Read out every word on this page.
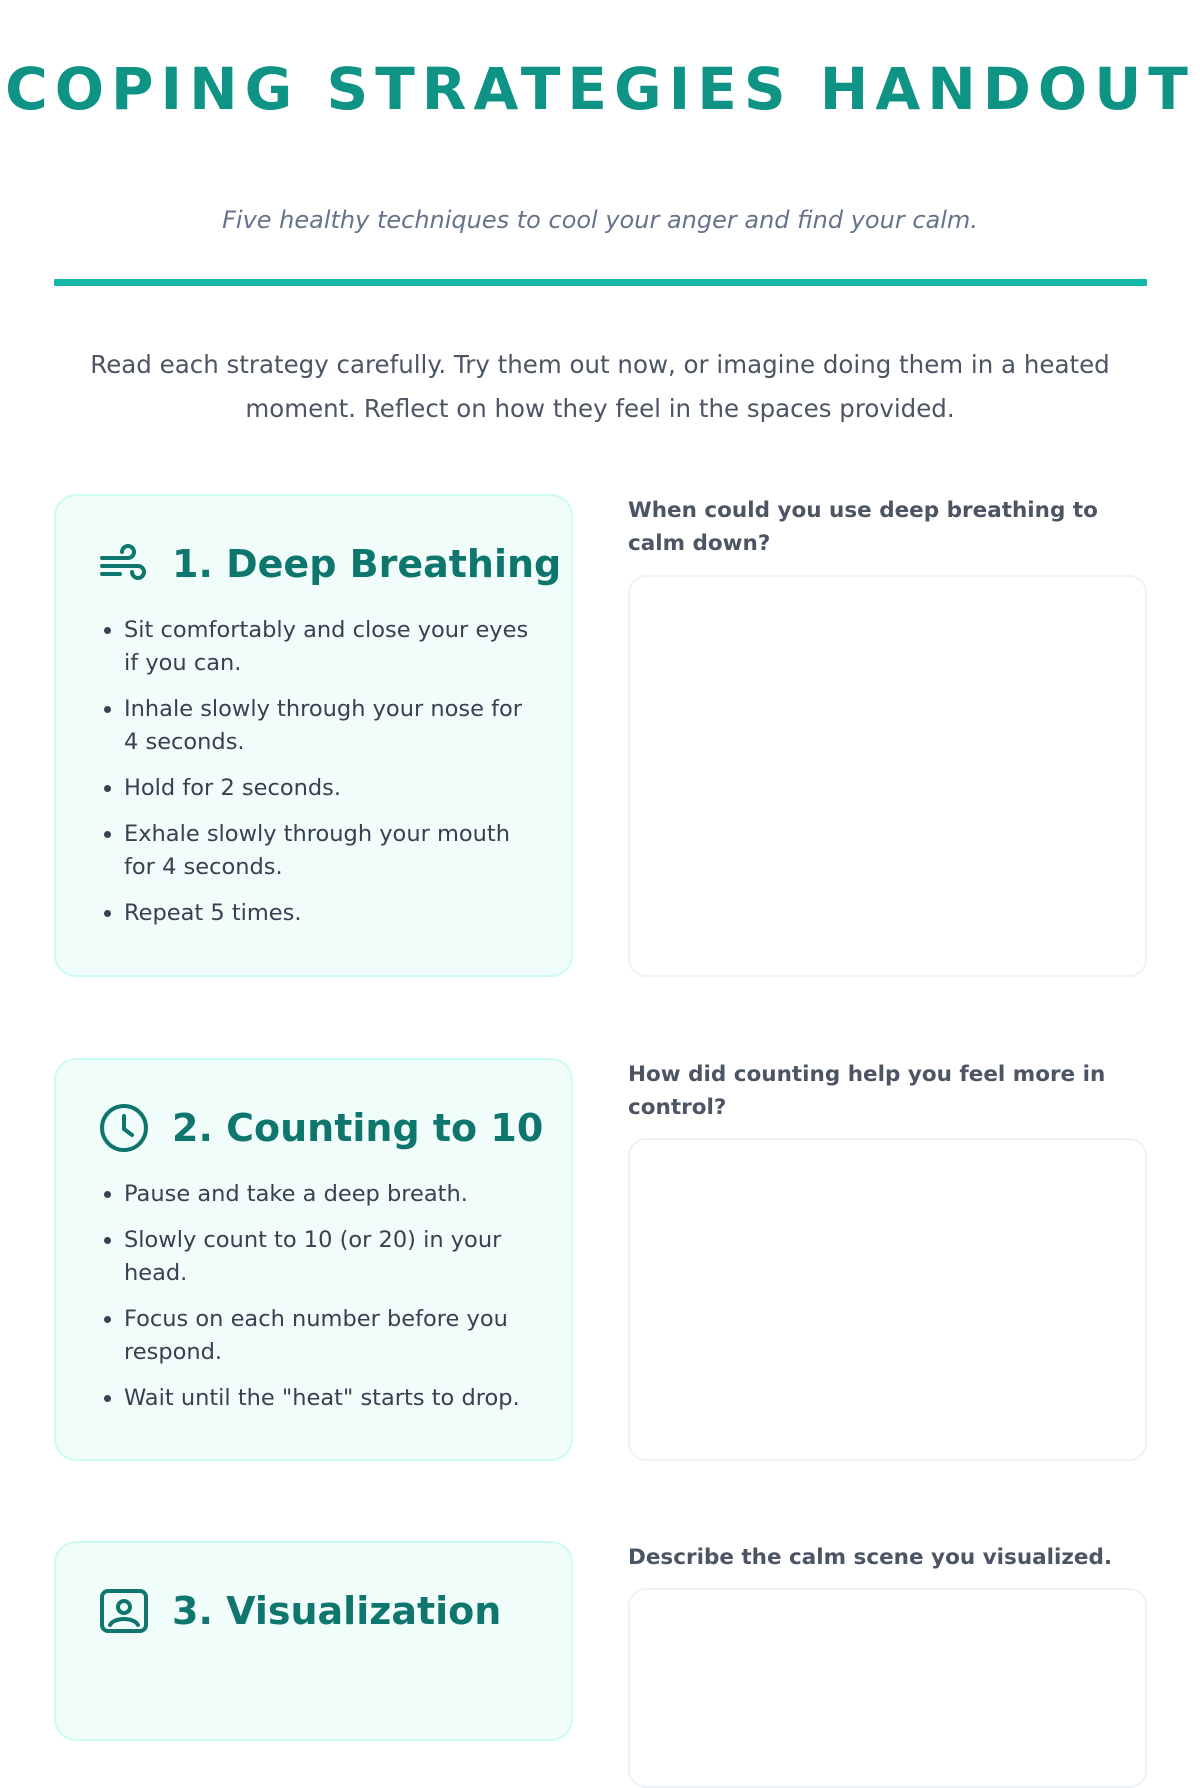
COPING STRATEGIES HANDOUT

Five healthy techniques to cool your anger and find your calm.

Read each strategy carefully. Try them out now, or imagine doing them in a heated moment. Reflect on how they feel in the spaces provided.

1. Deep Breathing
• Sit comfortably and close your eyes if you can.
• Inhale slowly through your nose for 4 seconds.
• Hold for 2 seconds.
• Exhale slowly through your mouth for 4 seconds.
• Repeat 5 times.
When could you use deep breathing to calm down?
2. Counting to 10
• Pause and take a deep breath.
• Slowly count to 10 (or 20) in your head.
• Focus on each number before you respond.
• Wait until the "heat" starts to drop.
How did counting help you feel more in control?
3. Visualization
Describe the calm scene you visualized.
